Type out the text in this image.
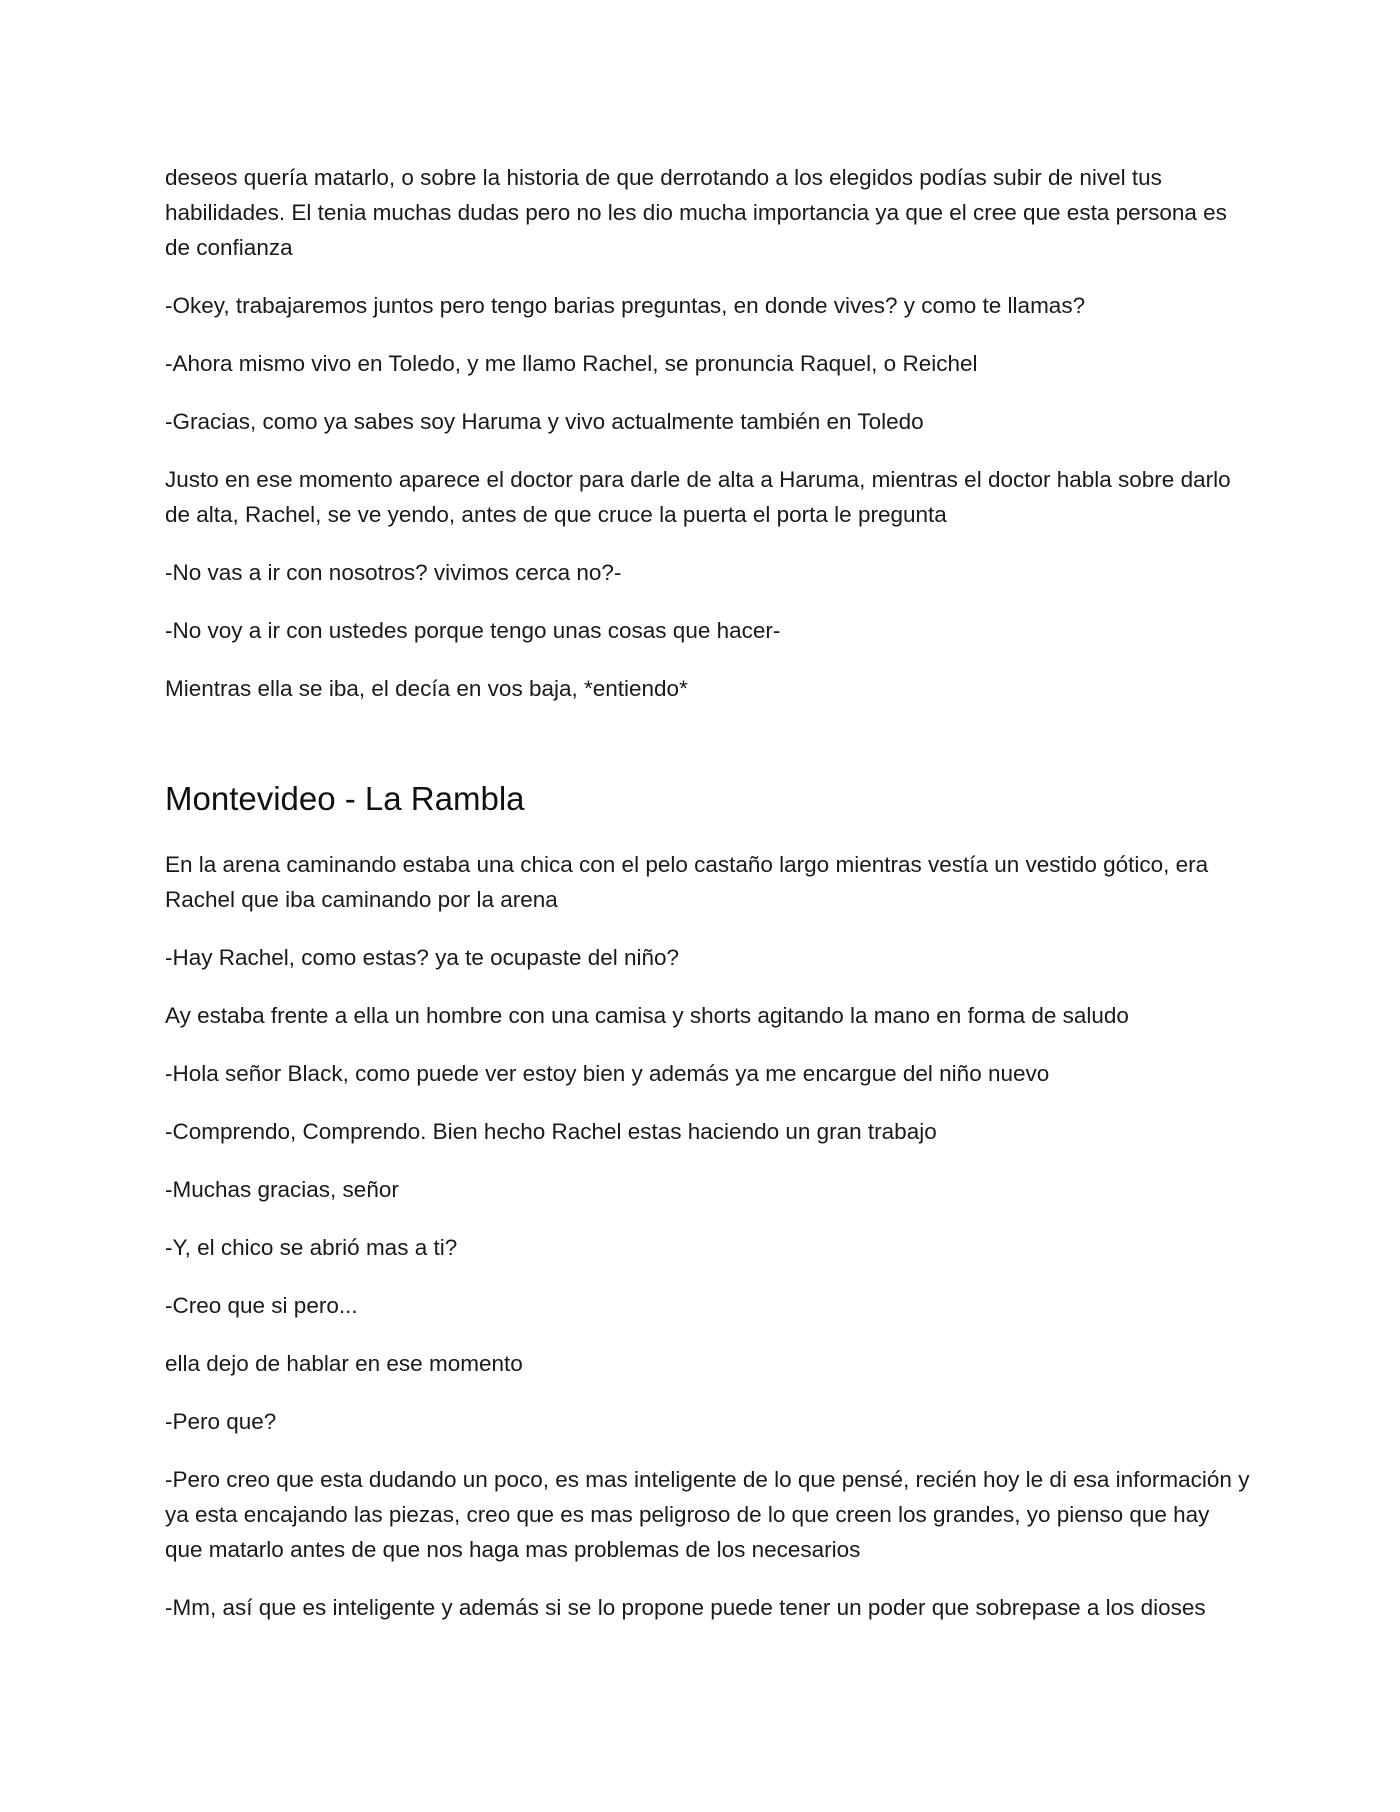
deseos quería matarlo, o sobre la historia de que derrotando a los elegidos podías subir de nivel tus habilidades. El tenia muchas dudas pero no les dio mucha importancia ya que el cree que esta persona es de confianza

-Okey, trabajaremos juntos pero tengo barias preguntas, en donde vives? y como te llamas?

-Ahora mismo vivo en Toledo, y me llamo Rachel, se pronuncia Raquel, o Reichel

-Gracias, como ya sabes soy Haruma y vivo actualmente también en Toledo

Justo en ese momento aparece el doctor para darle de alta a Haruma, mientras el doctor habla sobre darlo de alta, Rachel, se ve yendo, antes de que cruce la puerta el porta le pregunta

-No vas a ir con nosotros? vivimos cerca no?-

-No voy a ir con ustedes porque tengo unas cosas que hacer-

Mientras ella se iba, el decía en vos baja, *entiendo*

Montevideo - La Rambla

En la arena caminando estaba una chica con el pelo castaño largo mientras vestía un vestido gótico, era Rachel que iba caminando por la arena

-Hay Rachel, como estas? ya te ocupaste del niño?

Ay estaba frente a ella un hombre con una camisa y shorts agitando la mano en forma de saludo

-Hola señor Black, como puede ver estoy bien y además ya me encargue del niño nuevo

-Comprendo, Comprendo. Bien hecho Rachel estas haciendo un gran trabajo

-Muchas gracias, señor

-Y, el chico se abrió mas a ti?

-Creo que si pero...

ella dejo de hablar en ese momento

-Pero que?

-Pero creo que esta dudando un poco, es mas inteligente de lo que pensé, recién hoy le di esa información y ya esta encajando las piezas, creo que es mas peligroso de lo que creen los grandes, yo pienso que hay que matarlo antes de que nos haga mas problemas de los necesarios

-Mm, así que es inteligente y además si se lo propone puede tener un poder que sobrepase a los dioses
